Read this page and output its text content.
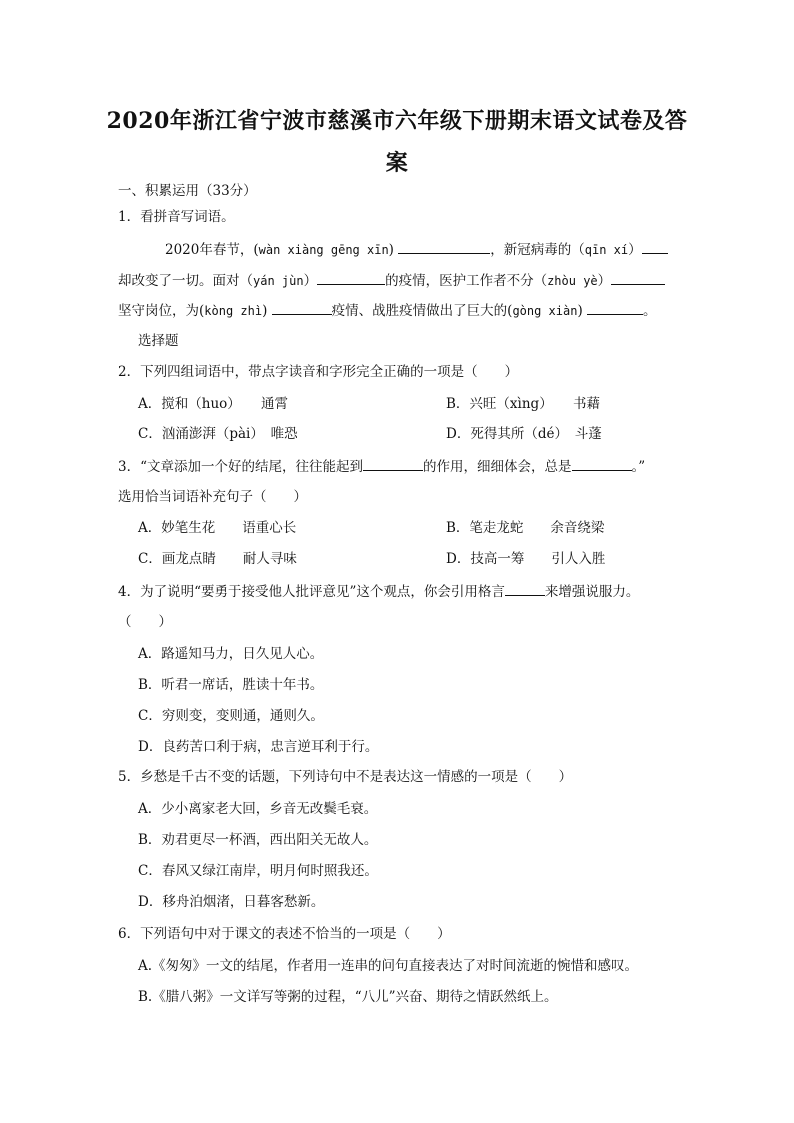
2020年浙江省宁波市慈溪市六年级下册期末语文试卷及答
案
一、积累运用（33分）
1．看拼音写词语。
2020年春节，(wàn xiàng gēng xīn)	，新冠病毒的（qīn xí）
却改变了一切。面对（yán jùn）	的疫情，医护工作者不分（zhòu yè）
坚守岗位，为(kòng zhì)	疫情、战胜疫情做出了巨大的(gòng xiàn)	。
选择题
2．下列四组词语中，带点字读音和字形完全正确的一项是（　　）
A．搅和（huo）　　通霄	B．兴旺（xìng）　　书藉
C．汹涌澎湃（pài）　唯恐	D．死得其所（dé）　斗蓬
3．“文章添加一个好的结尾，往往能起到	的作用，细细体会，总是	。”
选用恰当词语补充句子（　　）
A．妙笔生花　　语重心长	B．笔走龙蛇　　余音绕梁
C．画龙点睛　　耐人寻味	D．技高一筹　　引人入胜
4．为了说明“要勇于接受他人批评意见”这个观点，你会引用格言	来增强说服力。
（　　）
A．路遥知马力，日久见人心。
B．听君一席话，胜读十年书。
C．穷则变，变则通，通则久。
D．良药苦口利于病，忠言逆耳利于行。
5．乡愁是千古不变的话题，下列诗句中不是表达这一情感的一项是（　　）
A．少小离家老大回，乡音无改鬓毛衰。
B．劝君更尽一杯酒，西出阳关无故人。
C．春风又绿江南岸，明月何时照我还。
D．移舟泊烟渚，日暮客愁新。
6．下列语句中对于课文的表述不恰当的一项是（　　）
A.《匆匆》一文的结尾，作者用一连串的问句直接表达了对时间流逝的惋惜和感叹。
B.《腊八粥》一文详写等粥的过程，“八儿”兴奋、期待之情跃然纸上。
